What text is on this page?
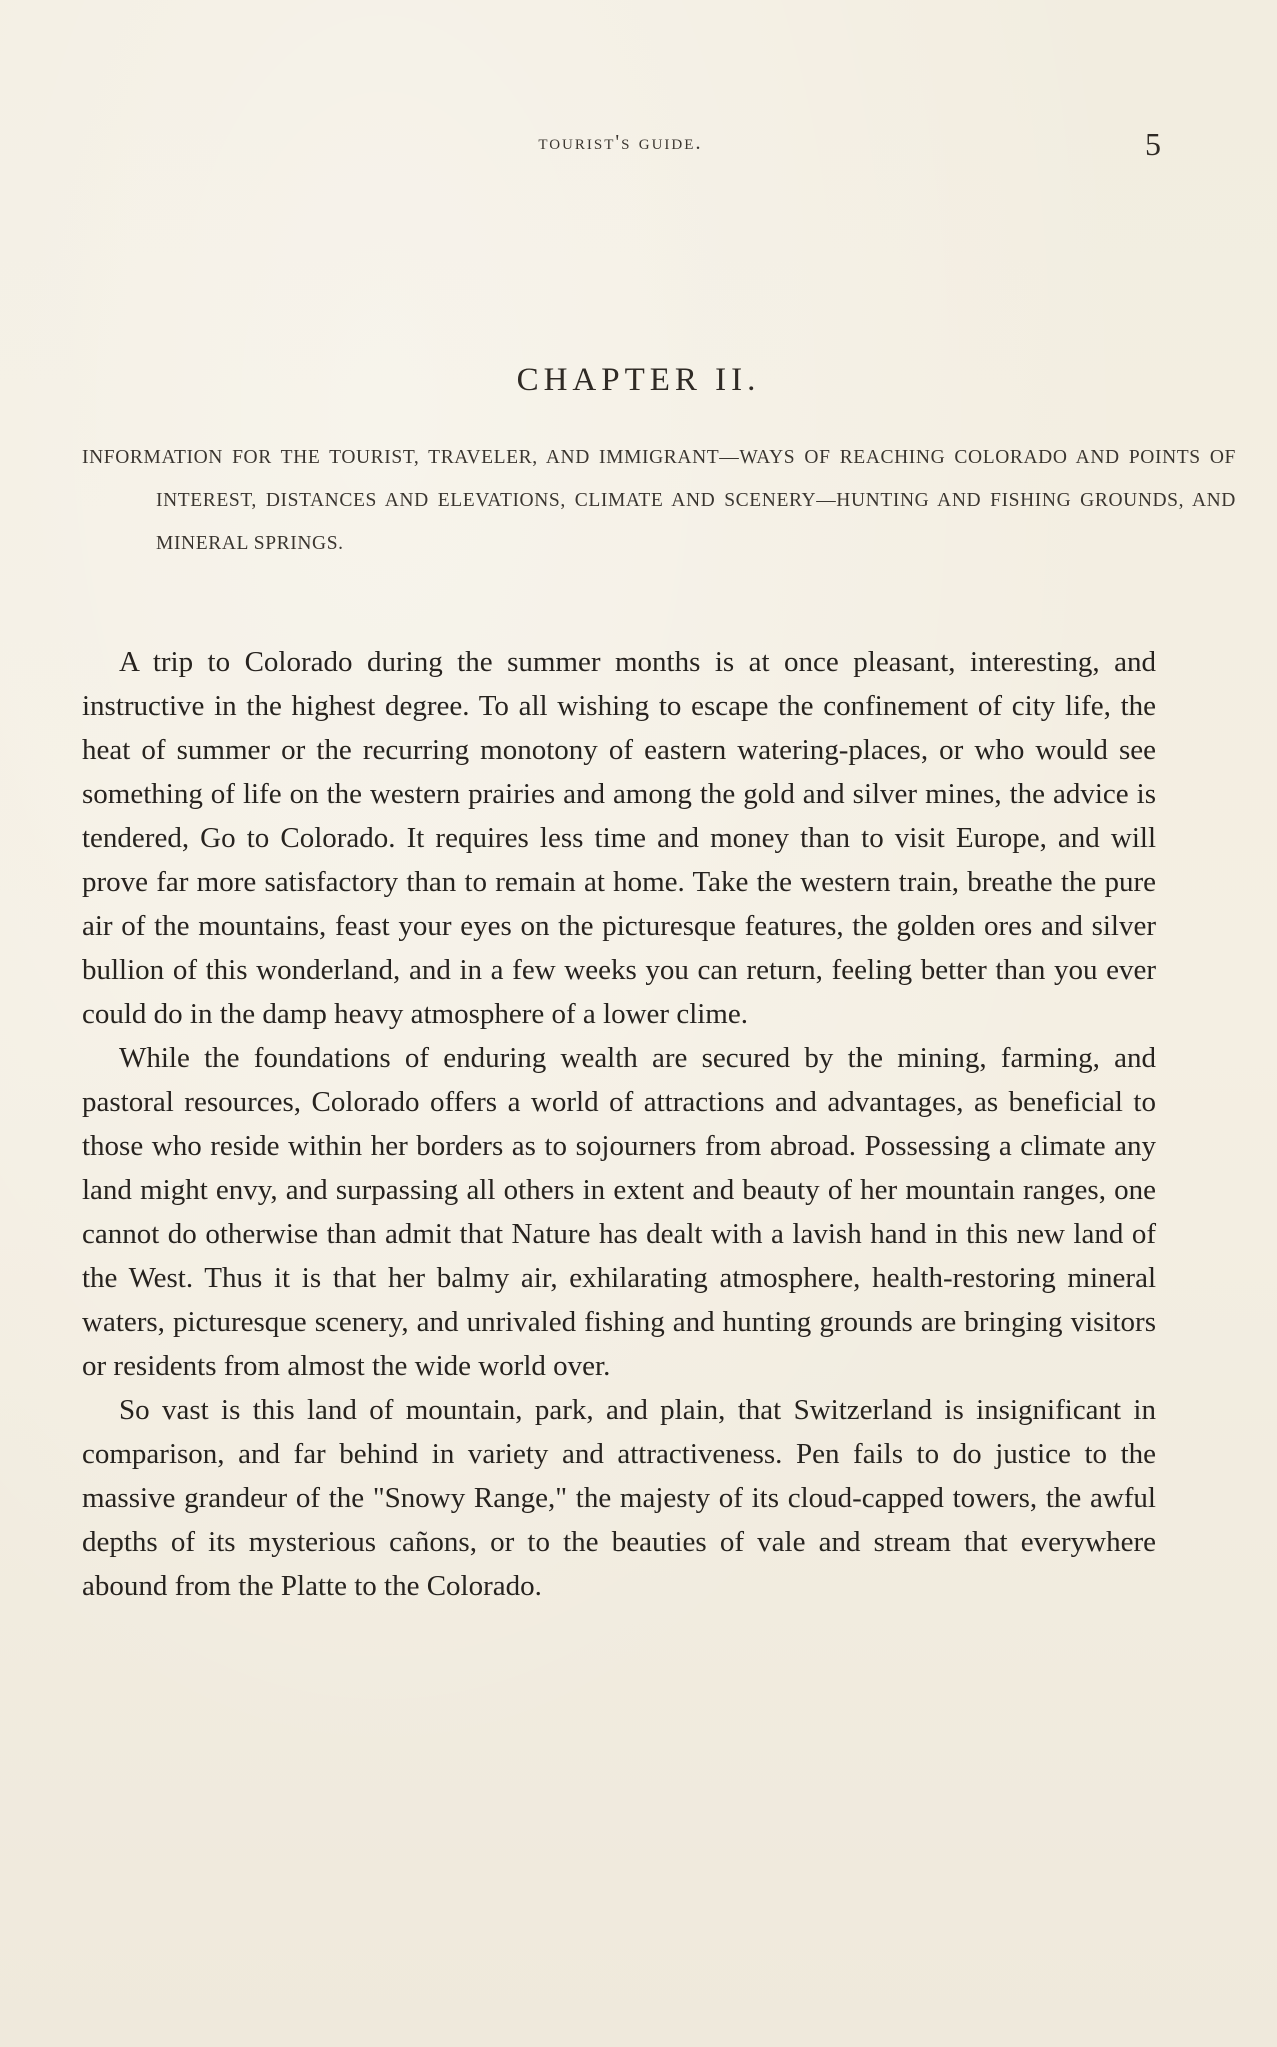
tourist's guide.	5
CHAPTER II.
INFORMATION FOR THE TOURIST, TRAVELER, AND IMMIGRANT—WAYS OF REACHING COLORADO AND POINTS OF INTEREST, DISTANCES AND ELEVATIONS, CLIMATE AND SCENERY—HUNTING AND FISHING GROUNDS, AND MINERAL SPRINGS.

A trip to Colorado during the summer months is at once pleasant, interesting, and instructive in the highest degree. To all wishing to escape the confinement of city life, the heat of summer or the recurring monotony of eastern watering-places, or who would see something of life on the western prairies and among the gold and silver mines, the advice is tendered, Go to Colorado. It requires less time and money than to visit Europe, and will prove far more satisfactory than to remain at home. Take the western train, breathe the pure air of the mountains, feast your eyes on the picturesque features, the golden ores and silver bullion of this wonderland, and in a few weeks you can return, feeling better than you ever could do in the damp heavy atmosphere of a lower clime.

While the foundations of enduring wealth are secured by the mining, farming, and pastoral resources, Colorado offers a world of attractions and advantages, as beneficial to those who reside within her borders as to sojourners from abroad. Possessing a climate any land might envy, and surpassing all others in extent and beauty of her mountain ranges, one cannot do otherwise than admit that Nature has dealt with a lavish hand in this new land of the West. Thus it is that her balmy air, exhilarating atmosphere, health-restoring mineral waters, picturesque scenery, and unrivaled fishing and hunting grounds are bringing visitors or residents from almost the wide world over.

So vast is this land of mountain, park, and plain, that Switzerland is insignificant in comparison, and far behind in variety and attractiveness. Pen fails to do justice to the massive grandeur of the "Snowy Range," the majesty of its cloud-capped towers, the awful depths of its mysterious cañons, or to the beauties of vale and stream that everywhere abound from the Platte to the Colorado.
